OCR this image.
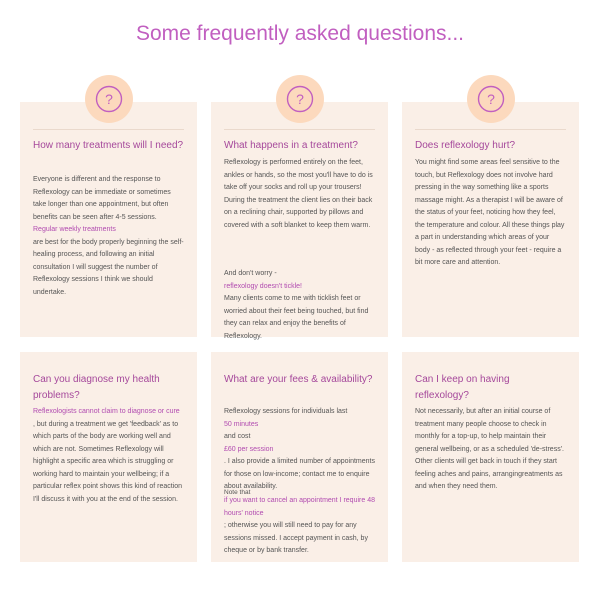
Some frequently asked questions...
?
How many treatments will I need?
Everyone is different and the response to Reflexology can be immediate or sometimes take longer than one appointment, but often benefits can be seen after 4-5 sessions.
Regular weekly treatments
are best for the body properly beginning the self-healing process, and following an initial consultation I will suggest the number of Reflexology sessions I think we should undertake.
?
What happens in a treatment?
Reflexology is performed entirely on the feet, ankles or hands, so the most you'll have to do is take off your socks and roll up your trousers! During the treatment the client lies on their back on a reclining chair, supported by pillows and covered with a soft blanket to keep them warm.
And don't worry -
reflexology doesn't tickle!
Many clients come to me with ticklish feet or worried about their feet being touched, but find they can relax and enjoy the benefits of Reflexology.
?
Does reflexology hurt?
You might find some areas feel sensitive to the touch, but Reflexology does not involve hard pressing in the way something like a sports massage might. As a therapist I will be aware of the status of your feet, noticing how they feel, the temperature and colour. All these things play a part in understanding which areas of your body - as reflected through your feet - require a bit more care and attention.
Can you diagnose my health problems?
Reflexologists cannot claim to diagnose or cure
, but during a treatment we get 'feedback' as to which parts of the body are working well and which are not. Sometimes Reflexology will highlight a specific area which is struggling or working hard to maintain your wellbeing; if a particular reflex point shows this kind of reaction I'll discuss it with you at the end of the session.
What are your fees & availability?
Reflexology sessions for individuals last
50 minutes
and cost
£60 per session
. I also provide a limited number of appointments for those on low-income; contact me to enquire about availability.
Note that
if you want to cancel an appointment I require 48 hours' notice
; otherwise you will still need to pay for any sessions missed. I accept payment in cash, by cheque or by bank transfer.
Can I keep on having reflexology?
Not necessarily, but after an initial course of treatment many people choose to check in monthly for a top-up, to help maintain their general wellbeing, or as a scheduled 'de-stress'. Other clients will get back in touch if they start feeling aches and pains, arrangingreatments as and when they need them.
